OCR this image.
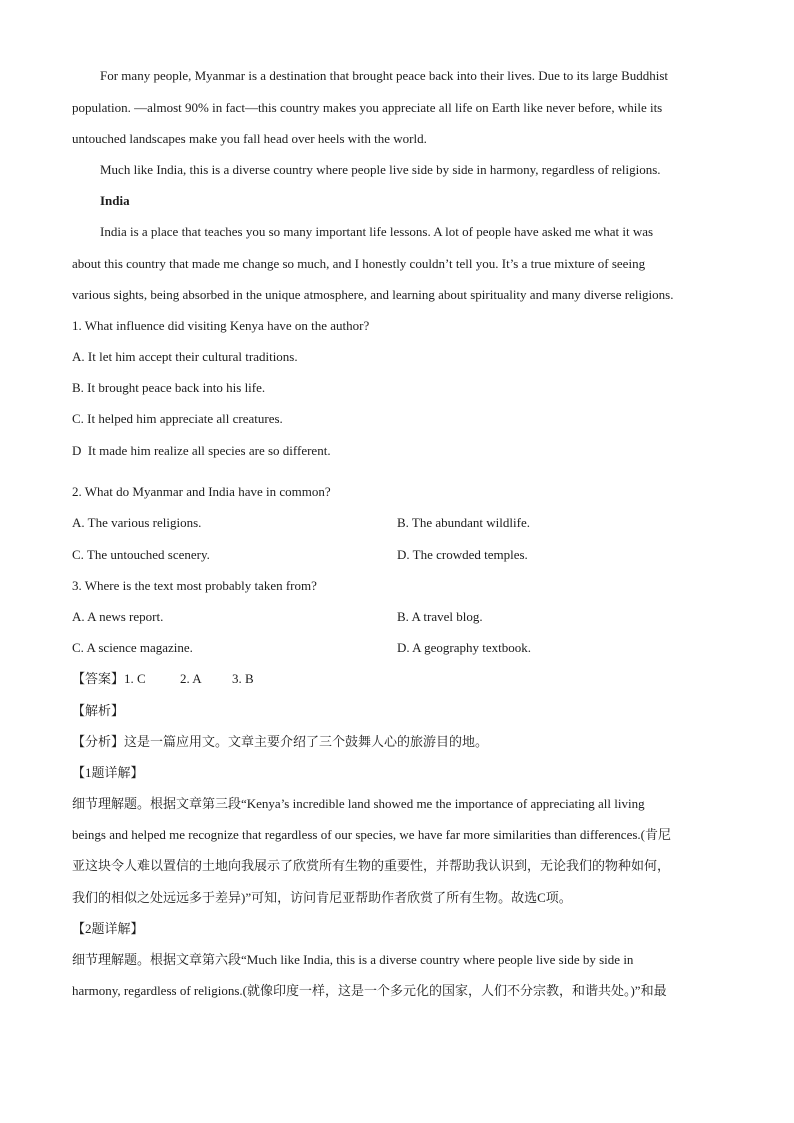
For many people, Myanmar is a destination that brought peace back into their lives. Due to its large Buddhist
population. —almost 90% in fact—this country makes you appreciate all life on Earth like never before, while its
untouched landscapes make you fall head over heels with the world.
Much like India, this is a diverse country where people live side by side in harmony, regardless of religions.
India
India is a place that teaches you so many important life lessons. A lot of people have asked me what it was
about this country that made me change so much, and I honestly couldn’t tell you. It’s a true mixture of seeing
various sights, being absorbed in the unique atmosphere, and learning about spirituality and many diverse religions.
1. What influence did visiting Kenya have on the author?
A. It let him accept their cultural traditions.
B. It brought peace back into his life.
C. It helped him appreciate all creatures.
D  It made him realize all species are so different.
2. What do Myanmar and India have in common?
A. The various religions.	B. The abundant wildlife.
C. The untouched scenery.	D. The crowded temples.
3. Where is the text most probably taken from?
A. A news report.	B. A travel blog.
C. A science magazine.	D. A geography textbook.

【答案】1. C

	2. A

3. B

【解析】
【分析】这是一篇应用文。文章主要介绍了三个鼓舞人心的旅游目的地。
【1题详解】
细节理解题。根据文章第三段“Kenya’s incredible land showed me the importance of appreciating all living
beings and helped me recognize that regardless of our species, we have far more similarities than differences.(肯尼
亚这块令人难以置信的土地向我展示了欣赏所有生物的重要性，并帮助我认识到，无论我们的物种如何，
我们的相似之处远远多于差异)”可知，访问肯尼亚帮助作者欣赏了所有生物。故选C项。
【2题详解】
细节理解题。根据文章第六段“Much like India, this is a diverse country where people live side by side in
harmony, regardless of religions.(就像印度一样，这是一个多元化的国家，人们不分宗教，和谐共处。)”和最
